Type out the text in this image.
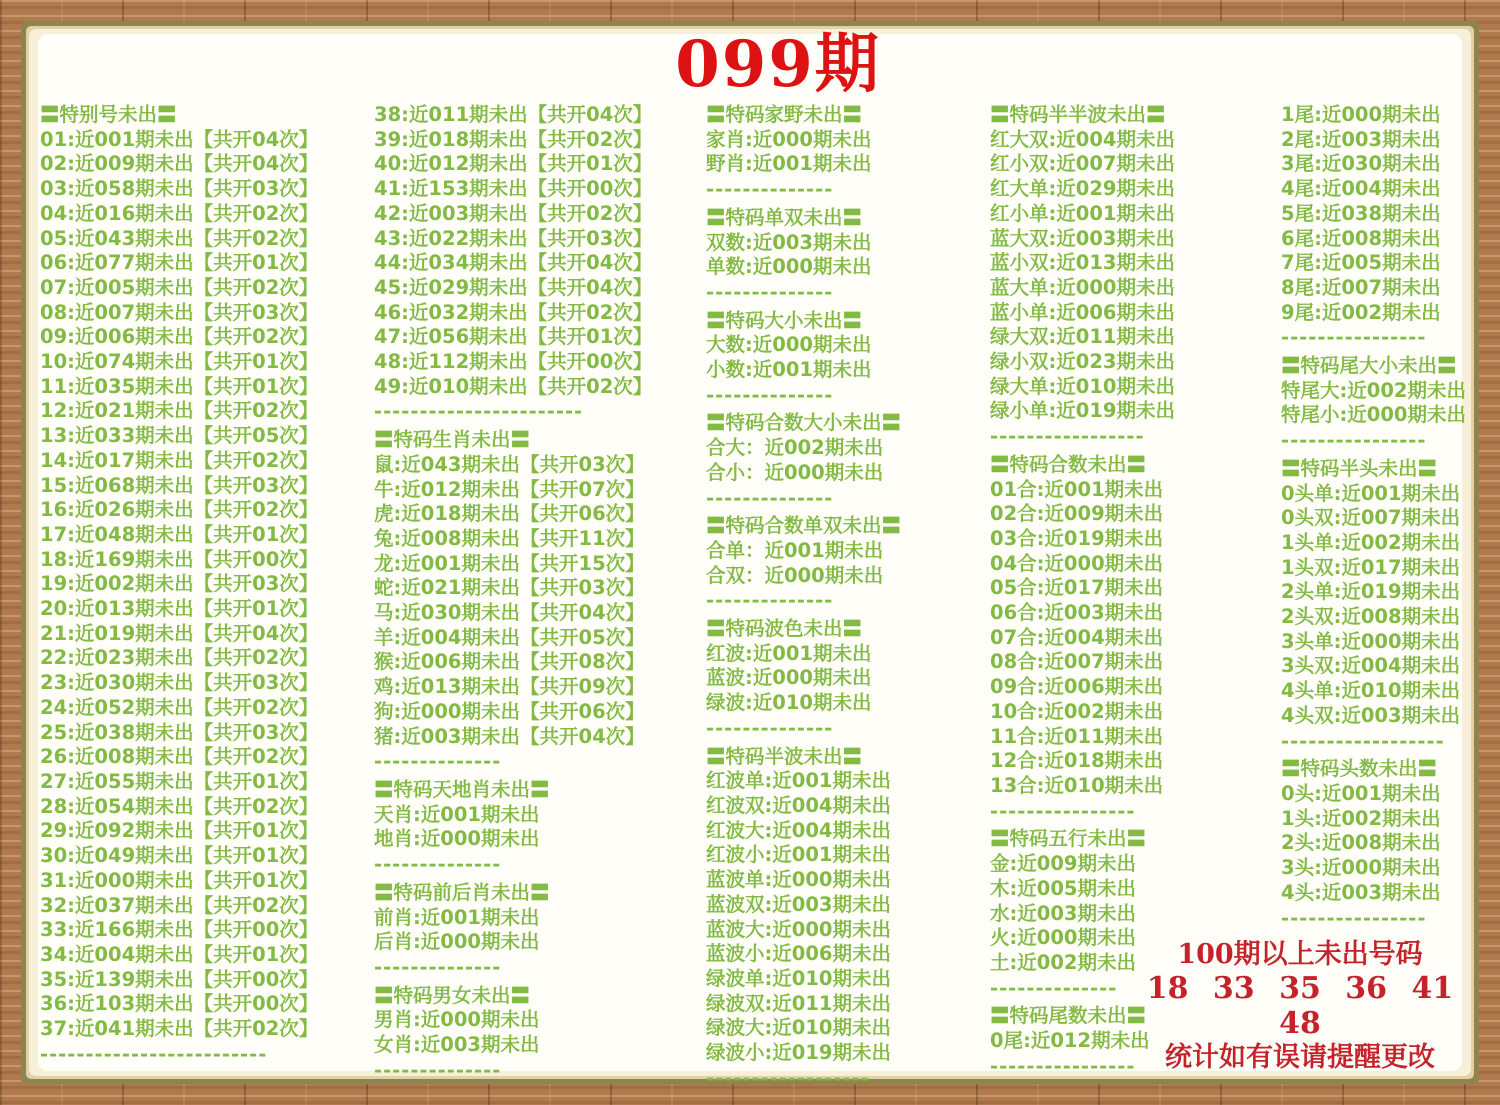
099期
〓特别号未出〓
01:近001期未出【共开04次】
02:近009期未出【共开04次】
03:近058期未出【共开03次】
04:近016期未出【共开02次】
05:近043期未出【共开02次】
06:近077期未出【共开01次】
07:近005期未出【共开02次】
08:近007期未出【共开03次】
09:近006期未出【共开02次】
10:近074期未出【共开01次】
11:近035期未出【共开01次】
12:近021期未出【共开02次】
13:近033期未出【共开05次】
14:近017期未出【共开02次】
15:近068期未出【共开03次】
16:近026期未出【共开02次】
17:近048期未出【共开01次】
18:近169期未出【共开00次】
19:近002期未出【共开03次】
20:近013期未出【共开01次】
21:近019期未出【共开04次】
22:近023期未出【共开02次】
23:近030期未出【共开03次】
24:近052期未出【共开02次】
25:近038期未出【共开03次】
26:近008期未出【共开02次】
27:近055期未出【共开01次】
28:近054期未出【共开02次】
29:近092期未出【共开01次】
30:近049期未出【共开01次】
31:近000期未出【共开01次】
32:近037期未出【共开02次】
33:近166期未出【共开00次】
34:近004期未出【共开01次】
35:近139期未出【共开00次】
36:近103期未出【共开00次】
37:近041期未出【共开02次】
-------------------------
38:近011期未出【共开04次】
39:近018期未出【共开02次】
40:近012期未出【共开01次】
41:近153期未出【共开00次】
42:近003期未出【共开02次】
43:近022期未出【共开03次】
44:近034期未出【共开04次】
45:近029期未出【共开04次】
46:近032期未出【共开02次】
47:近056期未出【共开01次】
48:近112期未出【共开00次】
49:近010期未出【共开02次】
-----------------------
〓特码生肖未出〓
鼠:近043期未出【共开03次】
牛:近012期未出【共开07次】
虎:近018期未出【共开06次】
兔:近008期未出【共开11次】
龙:近001期未出【共开15次】
蛇:近021期未出【共开03次】
马:近030期未出【共开04次】
羊:近004期未出【共开05次】
猴:近006期未出【共开08次】
鸡:近013期未出【共开09次】
狗:近000期未出【共开06次】
猪:近003期未出【共开04次】
--------------
〓特码天地肖未出〓
天肖:近001期未出
地肖:近000期未出
--------------
〓特码前后肖未出〓
前肖:近001期未出
后肖:近000期未出
--------------
〓特码男女未出〓
男肖:近000期未出
女肖:近003期未出
--------------
〓特码家野未出〓
家肖:近000期未出
野肖:近001期未出
--------------
〓特码单双未出〓
双数:近003期未出
单数:近000期未出
--------------
〓特码大小未出〓
大数:近000期未出
小数:近001期未出
--------------
〓特码合数大小未出〓
合大：近002期未出
合小：近000期未出
--------------
〓特码合数单双未出〓
合单：近001期未出
合双：近000期未出
--------------
〓特码波色未出〓
红波:近001期未出
蓝波:近000期未出
绿波:近010期未出
--------------
〓特码半波未出〓
红波单:近001期未出
红波双:近004期未出
红波大:近004期未出
红波小:近001期未出
蓝波单:近000期未出
蓝波双:近003期未出
蓝波大:近000期未出
蓝波小:近006期未出
绿波单:近010期未出
绿波双:近011期未出
绿波大:近010期未出
绿波小:近019期未出
------------------
〓特码半半波未出〓
红大双:近004期未出
红小双:近007期未出
红大单:近029期未出
红小单:近001期未出
蓝大双:近003期未出
蓝小双:近013期未出
蓝大单:近000期未出
蓝小单:近006期未出
绿大双:近011期未出
绿小双:近023期未出
绿大单:近010期未出
绿小单:近019期未出
-----------------
〓特码合数未出〓
01合:近001期未出
02合:近009期未出
03合:近019期未出
04合:近000期未出
05合:近017期未出
06合:近003期未出
07合:近004期未出
08合:近007期未出
09合:近006期未出
10合:近002期未出
11合:近011期未出
12合:近018期未出
13合:近010期未出
----------------
〓特码五行未出〓
金:近009期未出
木:近005期未出
水:近003期未出
火:近000期未出
土:近002期未出
--------------
〓特码尾数未出〓
0尾:近012期未出
----------------
1尾:近000期未出
2尾:近003期未出
3尾:近030期未出
4尾:近004期未出
5尾:近038期未出
6尾:近008期未出
7尾:近005期未出
8尾:近007期未出
9尾:近002期未出
----------------
〓特码尾大小未出〓
特尾大:近002期未出
特尾小:近000期未出
----------------
〓特码半头未出〓
0头单:近001期未出
0头双:近007期未出
1头单:近002期未出
1头双:近017期未出
2头单:近019期未出
2头双:近008期未出
3头单:近000期未出
3头双:近004期未出
4头单:近010期未出
4头双:近003期未出
------------------
〓特码头数未出〓
0头:近001期未出
1头:近002期未出
2头:近008期未出
3头:近000期未出
4头:近003期未出
----------------
100期以上未出号码
18 33 35 36 41 48
统计如有误请提醒更改
